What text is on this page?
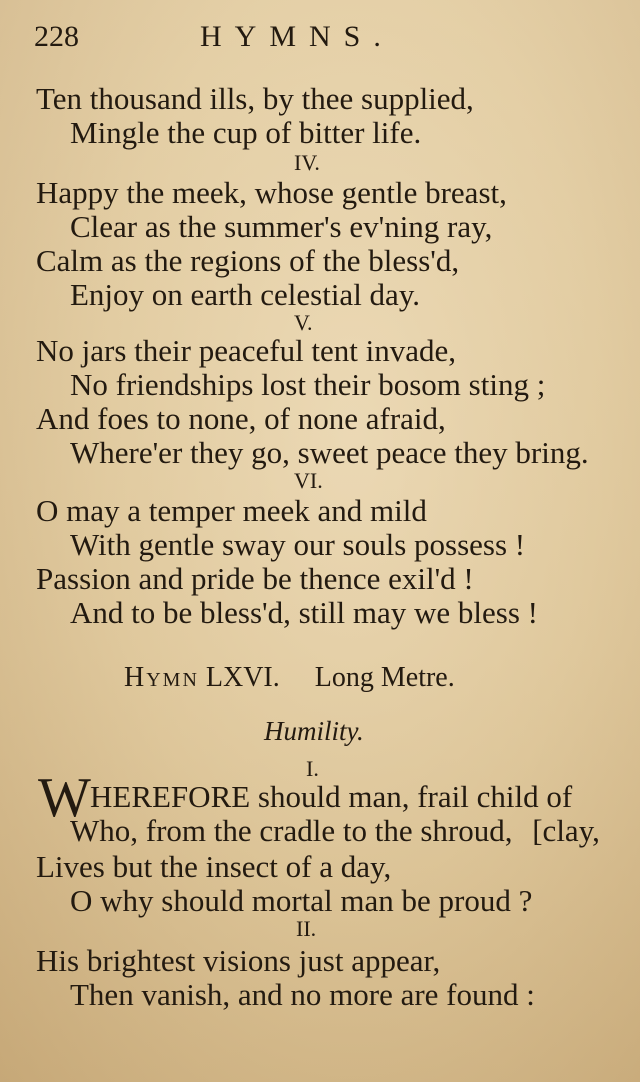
228	HYMNS.
Ten thousand ills, by thee supplied,
Mingle the cup of bitter life.
IV.
Happy the meek, whose gentle breast,
Clear as the summer's ev'ning ray,
Calm as the regions of the bless'd,
Enjoy on earth celestial day.
V.
No jars their peaceful tent invade,
No friendships lost their bosom sting ;
And foes to none, of none afraid,
Where'er they go, sweet peace they bring.
VI.
O may a temper meek and mild
With gentle sway our souls possess !
Passion and pride be thence exil'd !
And to be bless'd, still may we bless !
Hymn LXVI. Long Metre.
Humility.
I.
W HEREFORE should man, frail child of
Who, from the cradle to the shroud, [clay,
Lives but the insect of a day,
O why should mortal man be proud ?
II.
His brightest visions just appear,
Then vanish, and no more are found :
